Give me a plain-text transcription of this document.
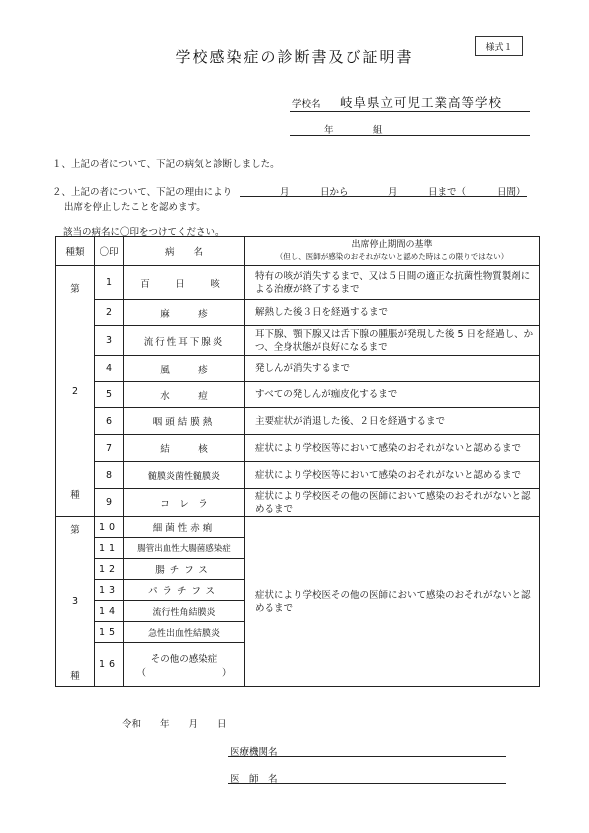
様式１
学校感染症の診断書及び証明書
学校名 岐阜県立可児工業高等学校
年	組
１、上記の者について、下記の病気と診断しました。
２、上記の者について、下記の理由により	月	日から	月	日まで（	日間）
出席を停止したことを認めます。
該当の病名に〇印をつけてください。
種類	〇印	病　　名	出席停止期間の基準
（但し、医師が感染のおそれがないと認めた時はこの限りではない）

第
2
種	1	百　日　咳	特有の咳が消失するまで、又は５日間の適正な抗菌性物質製剤による治療が終了するまで
	2	麻　　　疹	解熱した後３日を経過するまで
	3	流行性耳下腺炎	耳下腺、顎下腺又は舌下腺の腫脹が発現した後 5 日を経過し、かつ、全身状態が良好になるまで
	4	風　　　疹	発しんが消失するまで
	5	水　　　痘	すべての発しんが痂皮化するまで
	6	咽頭結膜熱	主要症状が消退した後、２日を経過するまで
	7	結　　　核	症状により学校医等において感染のおそれがないと認めるまで
	8	髄膜炎菌性髄膜炎	症状により学校医等において感染のおそれがないと認めるまで
	9	コ　レ　ラ	症状により学校医その他の医師において感染のおそれがないと認めるまで

第
3
種	10	細菌性赤痢	症状により学校医その他の医師において感染のおそれがないと認めるまで
	11	腸管出血性大腸菌感染症	
	12	腸チフス	
	13	パラチフス	
	14	流行性角結膜炎	
	15	急性出血性結膜炎	
	16	その他の感染症
（　　　　　　　　）	
令和　　年　　月　　日
医療機関名
医　師　名
